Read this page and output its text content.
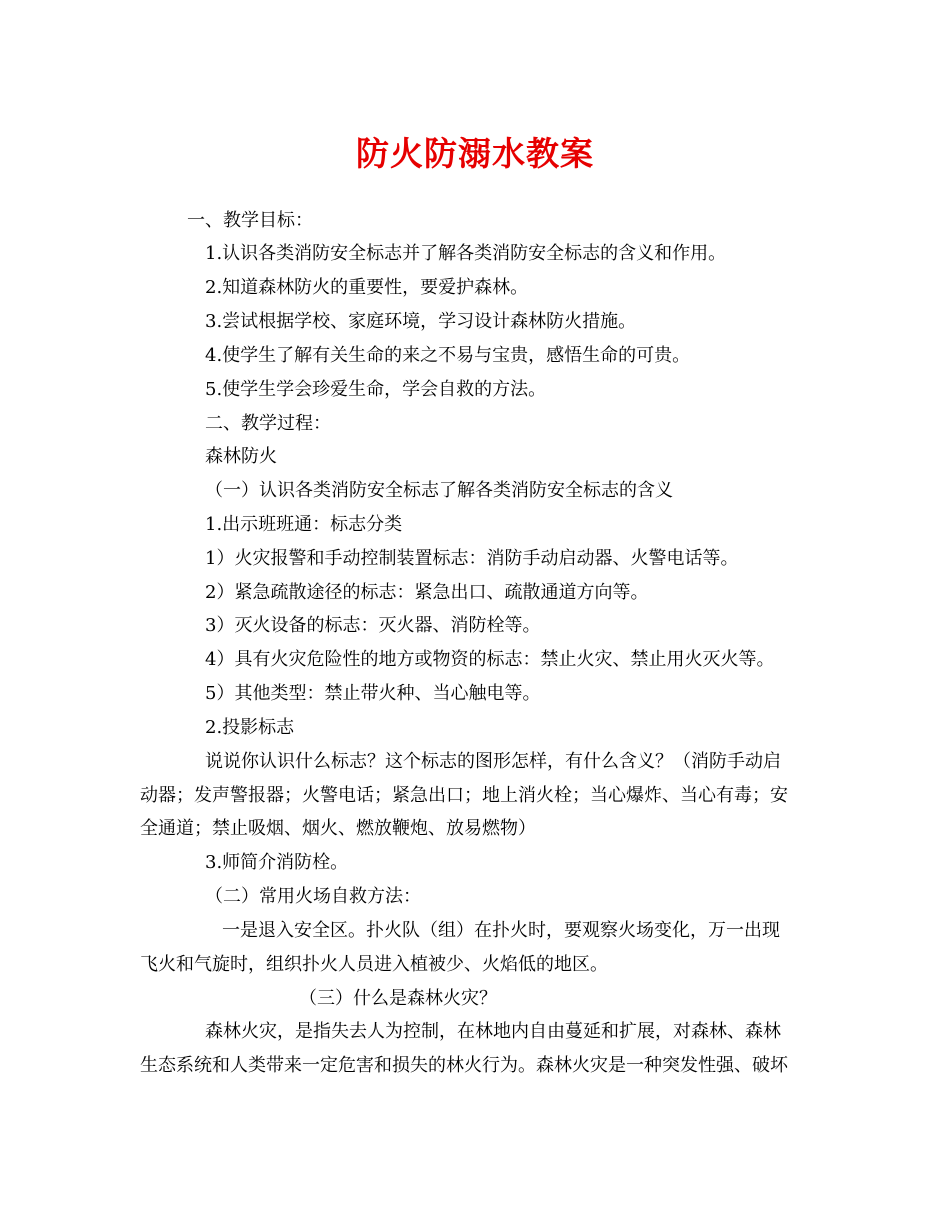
防火防溺水教案
一、教学目标：
1.认识各类消防安全标志并了解各类消防安全标志的含义和作用。
2.知道森林防火的重要性，要爱护森林。
3.尝试根据学校、家庭环境，学习设计森林防火措施。
4.使学生了解有关生命的来之不易与宝贵，感悟生命的可贵。
5.使学生学会珍爱生命，学会自救的方法。
二、教学过程：
森林防火
（一）认识各类消防安全标志了解各类消防安全标志的含义
1.出示班班通：标志分类
1）火灾报警和手动控制装置标志：消防手动启动器、火警电话等。
2）紧急疏散途径的标志：紧急出口、疏散通道方向等。
3）灭火设备的标志：灭火器、消防栓等。
4）具有火灾危险性的地方或物资的标志：禁止火灾、禁止用火灭火等。
5）其他类型：禁止带火种、当心触电等。
2.投影标志
说说你认识什么标志？这个标志的图形怎样，有什么含义？（消防手动启
动器；发声警报器；火警电话；紧急出口；地上消火栓；当心爆炸、当心有毒；安
全通道；禁止吸烟、烟火、燃放鞭炮、放易燃物）
3.师简介消防栓。
（二）常用火场自救方法：
一是退入安全区。扑火队（组）在扑火时，要观察火场变化，万一出现
飞火和气旋时，组织扑火人员进入植被少、火焰低的地区。
（三）什么是森林火灾？
森林火灾，是指失去人为控制，在林地内自由蔓延和扩展，对森林、森林
生态系统和人类带来一定危害和损失的林火行为。森林火灾是一种突发性强、破坏
